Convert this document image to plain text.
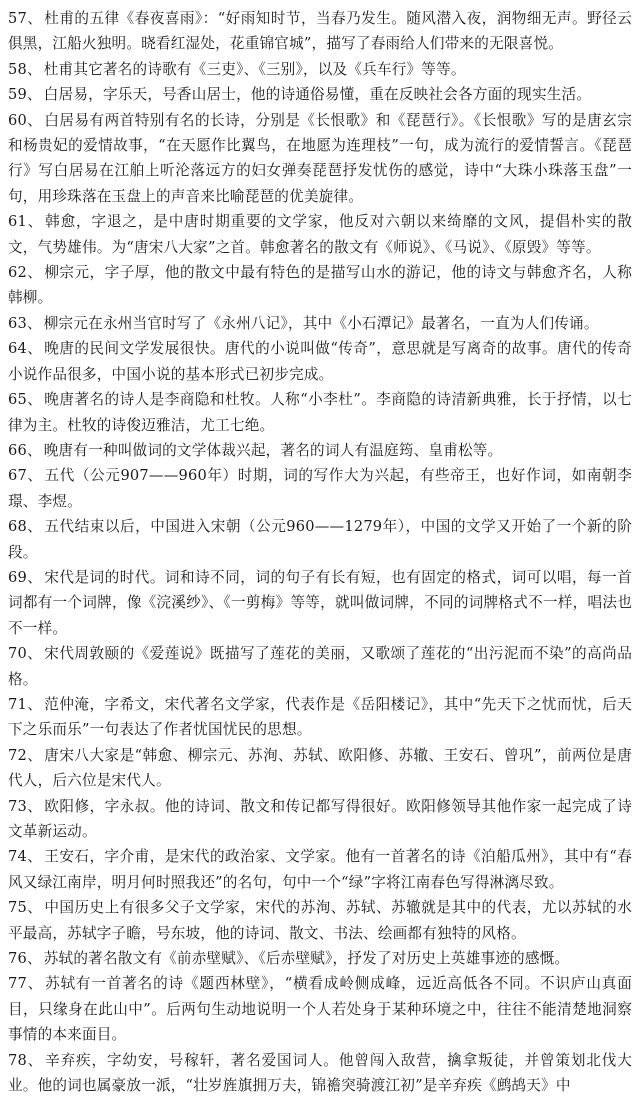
57、 杜甫的五律《春夜喜雨》：“好雨知时节，当春乃发生。随风潜入夜，润物细无声。野径云俱黑，江船火独明。晓看红湿处，花重锦官城”，描写了春雨给人们带来的无限喜悦。

58、 杜甫其它著名的诗歌有《三吏》、《三别》，以及《兵车行》等等。

59、 白居易，字乐天，号香山居士，他的诗通俗易懂，重在反映社会各方面的现实生活。

60、 白居易有两首特别有名的长诗，分别是《长恨歌》和《琵琶行》。《长恨歌》写的是唐玄宗和杨贵妃的爱情故事，“在天愿作比翼鸟，在地愿为连理枝”一句，成为流行的爱情誓言。《琵琶行》写白居易在江舶上听沦落远方的妇女弹奏琵琶抒发忧伤的感觉，诗中“大珠小珠落玉盘”一句，用珍珠落在玉盘上的声音来比喻琵琶的优美旋律。

61、 韩愈，字退之，是中唐时期重要的文学家，他反对六朝以来绮靡的文风，提倡朴实的散文，气势雄伟。为“唐宋八大家”之首。韩愈著名的散文有《师说》、《马说》、《原毁》等等。

62、 柳宗元，字子厚，他的散文中最有特色的是描写山水的游记，他的诗文与韩愈齐名，人称韩柳。

63、 柳宗元在永州当官时写了《永州八记》，其中《小石潭记》最著名，一直为人们传诵。

64、 晚唐的民间文学发展很快。唐代的小说叫做“传奇”，意思就是写离奇的故事。唐代的传奇小说作品很多，中国小说的基本形式已初步完成。

65、 晚唐著名的诗人是李商隐和杜牧。人称“小李杜”。李商隐的诗清新典雅，长于抒情，以七律为主。杜牧的诗俊迈雅洁，尤工七绝。

66、 晚唐有一种叫做词的文学体裁兴起，著名的词人有温庭筠、皇甫松等。

67、 五代（公元907——960年）时期，词的写作大为兴起，有些帝王，也好作词，如南朝李璟、李煜。

68、 五代结束以后，中国进入宋朝（公元960——1279年），中国的文学又开始了一个新的阶段。

69、 宋代是词的时代。词和诗不同，词的句子有长有短，也有固定的格式，词可以唱，每一首词都有一个词牌，像《浣溪纱》、《一剪梅》等等，就叫做词牌，不同的词牌格式不一样，唱法也不一样。

70、 宋代周敦颐的《爱莲说》既描写了莲花的美丽，又歌颂了莲花的“出污泥而不染”的高尚品格。

71、 范仲淹，字希文，宋代著名文学家，代表作是《岳阳楼记》，其中“先天下之忧而忧，后天下之乐而乐”一句表达了作者忧国忧民的思想。

72、 唐宋八大家是“韩愈、柳宗元、苏洵、苏轼、欧阳修、苏辙、王安石、曾巩”，前两位是唐代人，后六位是宋代人。

73、 欧阳修，字永叔。他的诗词、散文和传记都写得很好。欧阳修领导其他作家一起完成了诗文革新运动。

74、 王安石，字介甫，是宋代的政治家、文学家。他有一首著名的诗《泊船瓜州》，其中有“春风又绿江南岸，明月何时照我还”的名句，句中一个“绿”字将江南春色写得淋漓尽致。

75、 中国历史上有很多父子文学家，宋代的苏洵、苏轼、苏辙就是其中的代表，尤以苏轼的水平最高，苏轼字子瞻，号东坡，他的诗词、散文、书法、绘画都有独特的风格。

76、 苏轼的著名散文有《前赤壁赋》、《后赤壁赋》，抒发了对历史上英雄事迹的感慨。

77、 苏轼有一首著名的诗《题西林壁》，“横看成岭侧成峰，远近高低各不同。不识庐山真面目，只缘身在此山中”。后两句生动地说明一个人若处身于某种环境之中，往往不能清楚地洞察事情的本来面目。

78、 辛弃疾，字幼安，号稼轩，著名爱国词人。他曾闯入敌营，擒拿叛徒，并曾策划北伐大业。他的词也属豪放一派，“壮岁旌旗拥万夫，锦襜突骑渡江初”是辛弃疾《鹧鸪天》中
